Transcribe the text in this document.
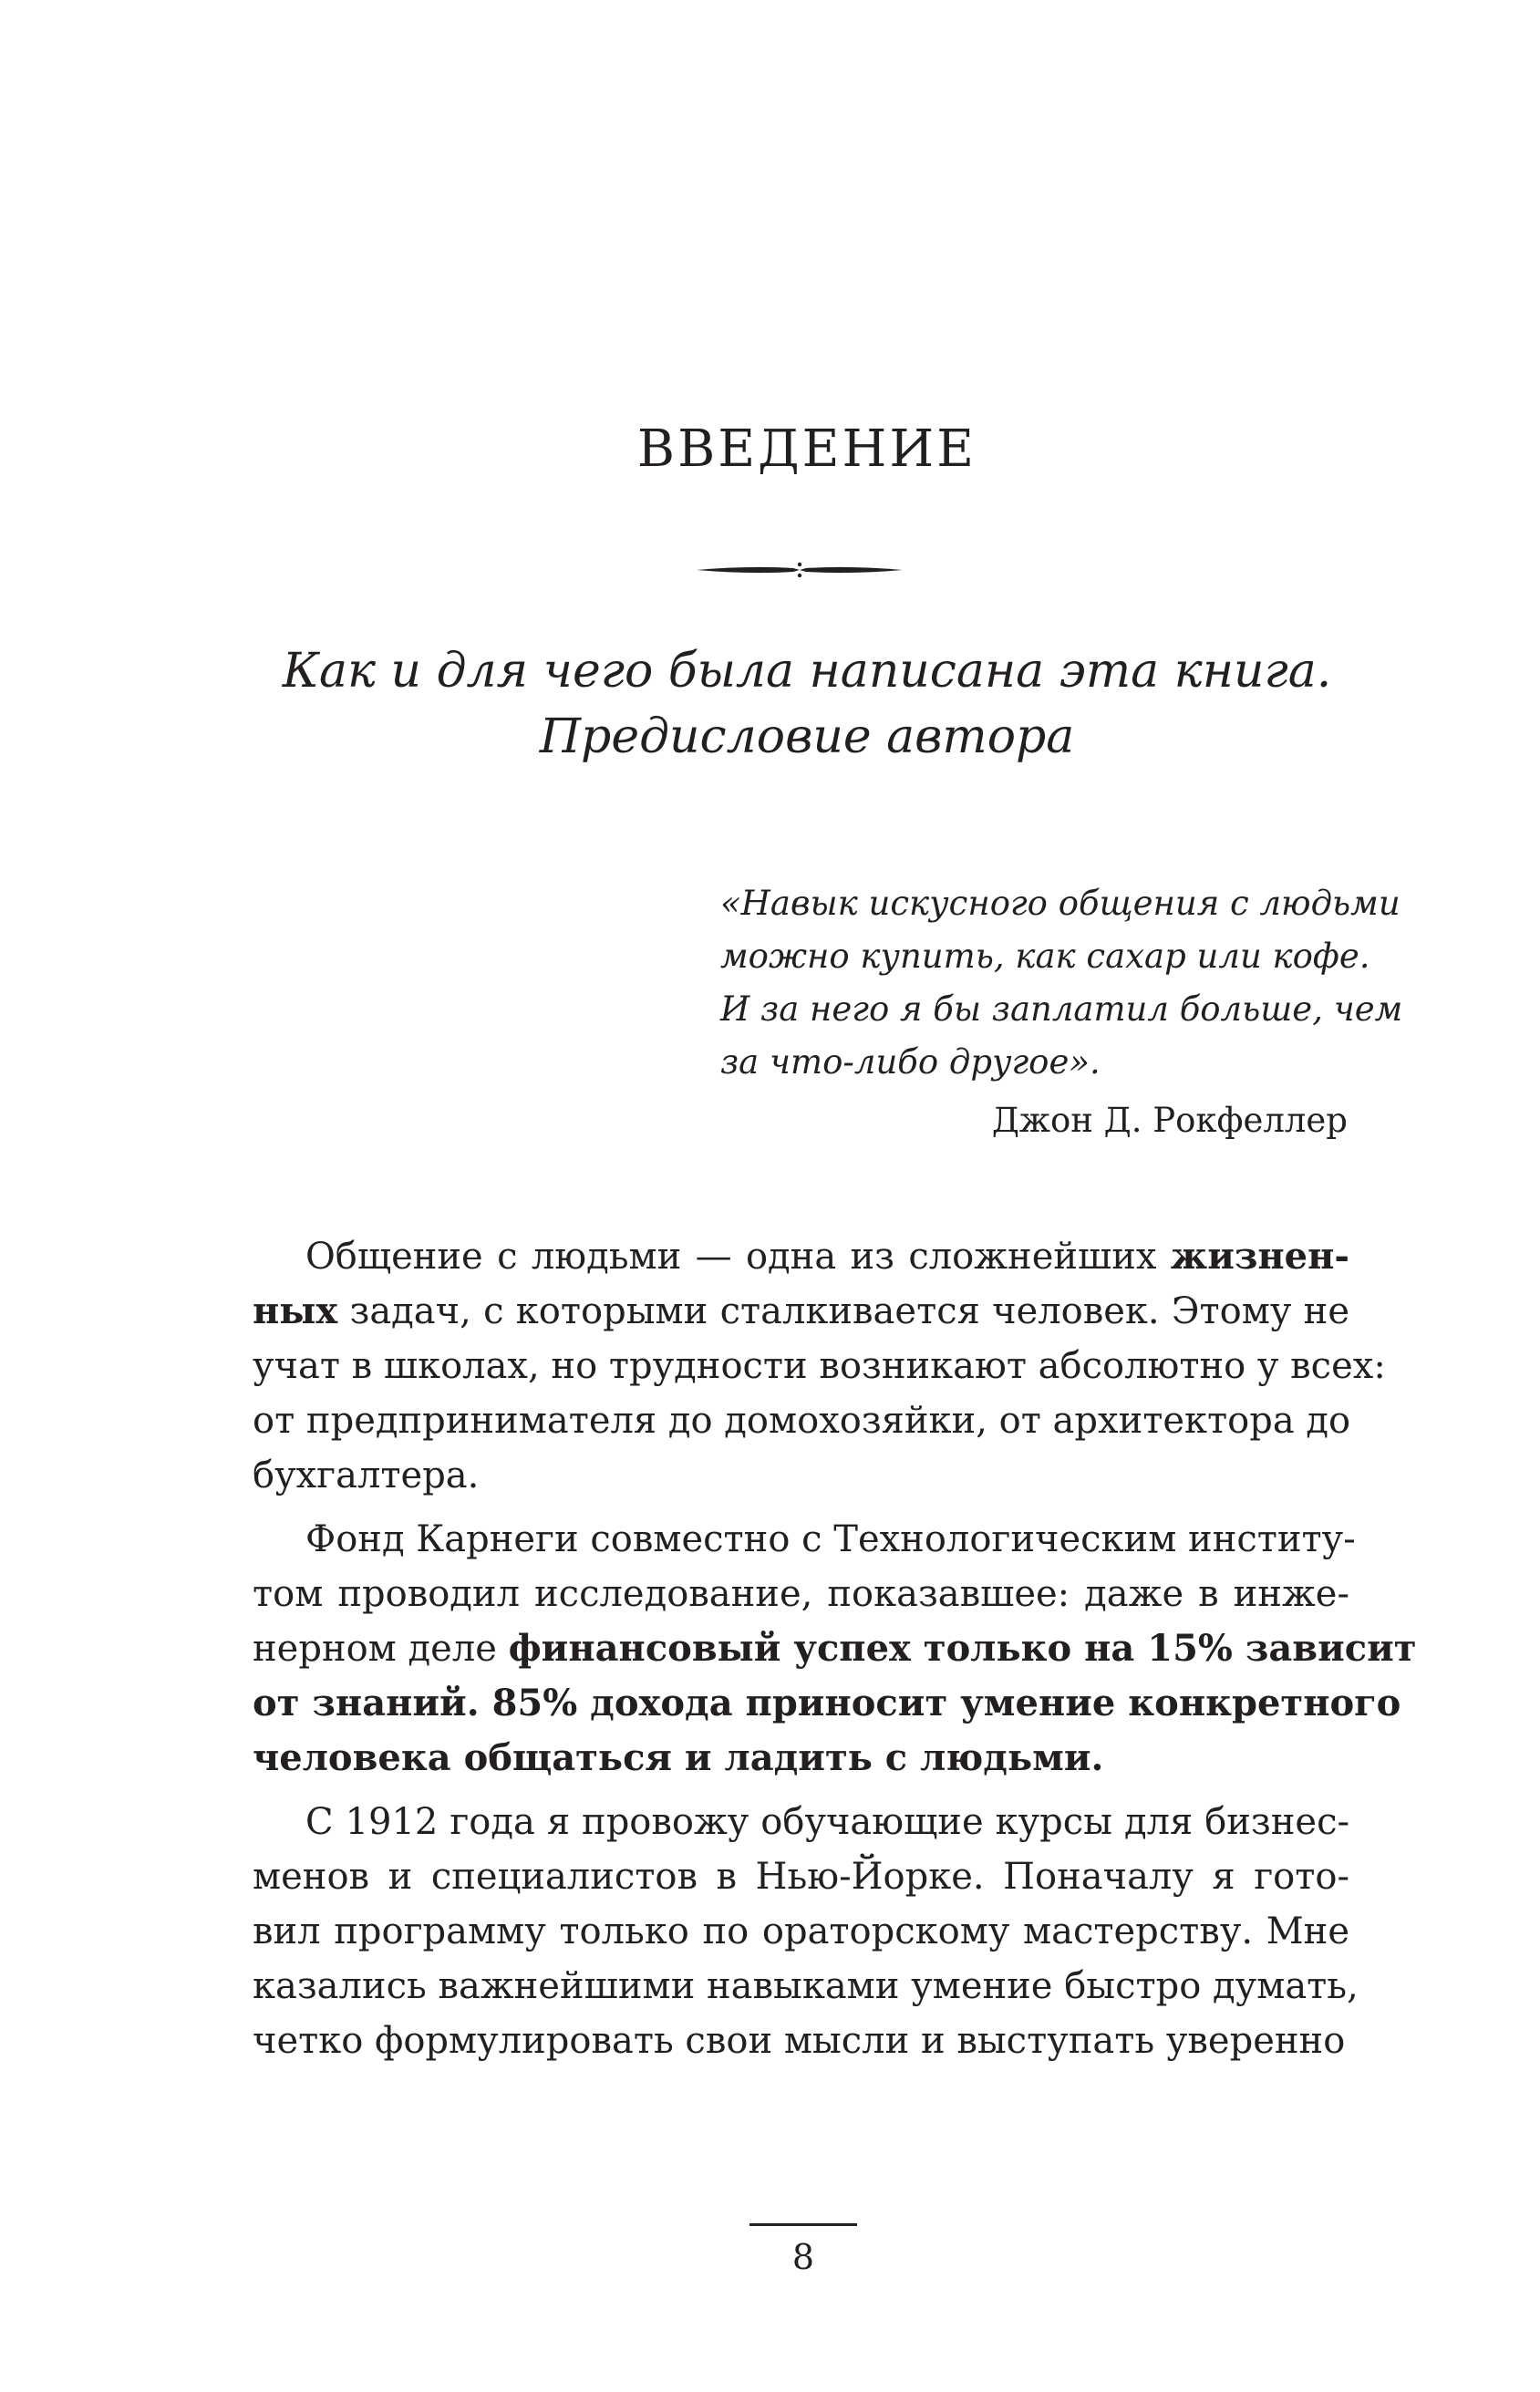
ВВЕДЕНИЕ
Как и для чего была написана эта книга.
Предисловие автора

«Навык искусного общения с людьми
можно купить, как сахар или кофе.
И за него я бы заплатил больше, чем
за что-либо другое».

Джон Д. Рокфеллер

Общение с людьми — одна из сложнейших жизнен-
ных задач, с которыми сталкивается человек. Этому не
учат в школах, но трудности возникают абсолютно у всех:
от предпринимателя до домохозяйки, от архитектора до
бухгалтера.

Фонд Карнеги совместно с Технологическим институ-
том проводил исследование, показавшее: даже в инже-
нерном деле финансовый успех только на 15% зависит
от знаний. 85% дохода приносит умение конкретного
человека общаться и ладить с людьми.

С 1912 года я провожу обучающие курсы для бизнес-
менов и специалистов в Нью-Йорке. Поначалу я гото-
вил программу только по ораторскому мастерству. Мне
казались важнейшими навыками умение быстро думать,
четко формулировать свои мысли и выступать уверенно

8
